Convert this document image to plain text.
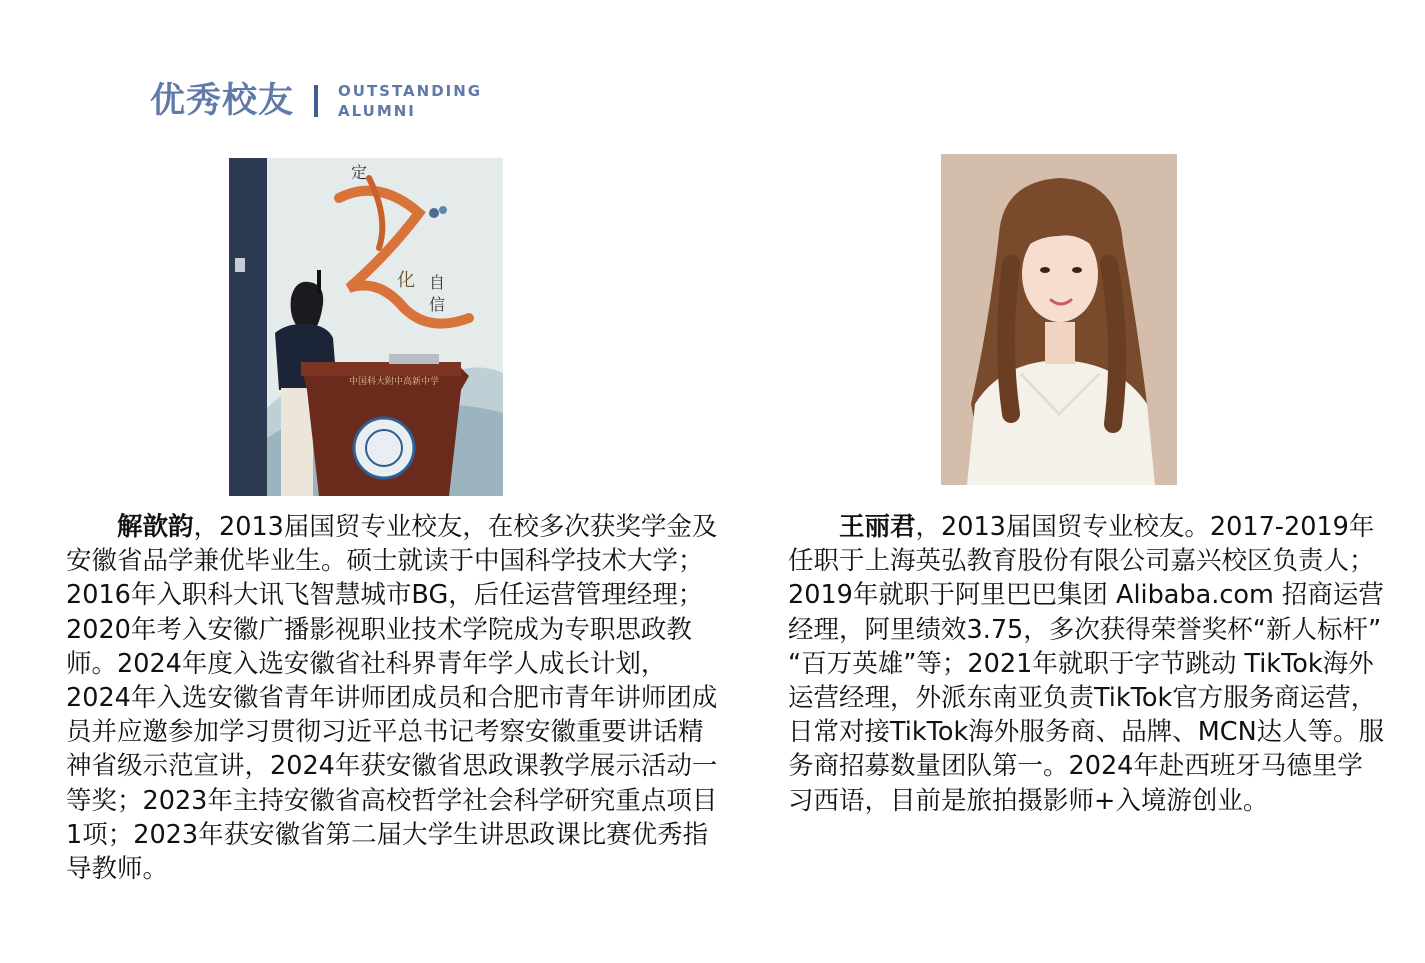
优秀校友	OUTSTANDING
ALUMNI
定
化 自
信
中国科大附中高新中学

解歆韵，2013届国贸专业校友，在校多次获奖学金及安徽省品学兼优毕业生。硕士就读于中国科学技术大学；2016年入职科大讯飞智慧城市BG，后任运营管理经理；2020年考入安徽广播影视职业技术学院成为专职思政教师。2024年度入选安徽省社科界青年学人成长计划，2024年入选安徽省青年讲师团成员和合肥市青年讲师团成员并应邀参加学习贯彻习近平总书记考察安徽重要讲话精神省级示范宣讲，2024年获安徽省思政课教学展示活动一等奖；2023年主持安徽省高校哲学社会科学研究重点项目1项；2023年获安徽省第二届大学生讲思政课比赛优秀指导教师。

王丽君，2013届国贸专业校友。2017-2019年任职于上海英弘教育股份有限公司嘉兴校区负责人；2019年就职于阿里巴巴集团 Alibaba.com 招商运营经理，阿里绩效3.75，多次获得荣誉奖杯“新人标杆” “百万英雄”等；2021年就职于字节跳动 TikTok海外运营经理，外派东南亚负责TikTok官方服务商运营，日常对接TikTok海外服务商、品牌、MCN达人等。服务商招募数量团队第一。2024年赴西班牙马德里学习西语，目前是旅拍摄影师+入境游创业。
